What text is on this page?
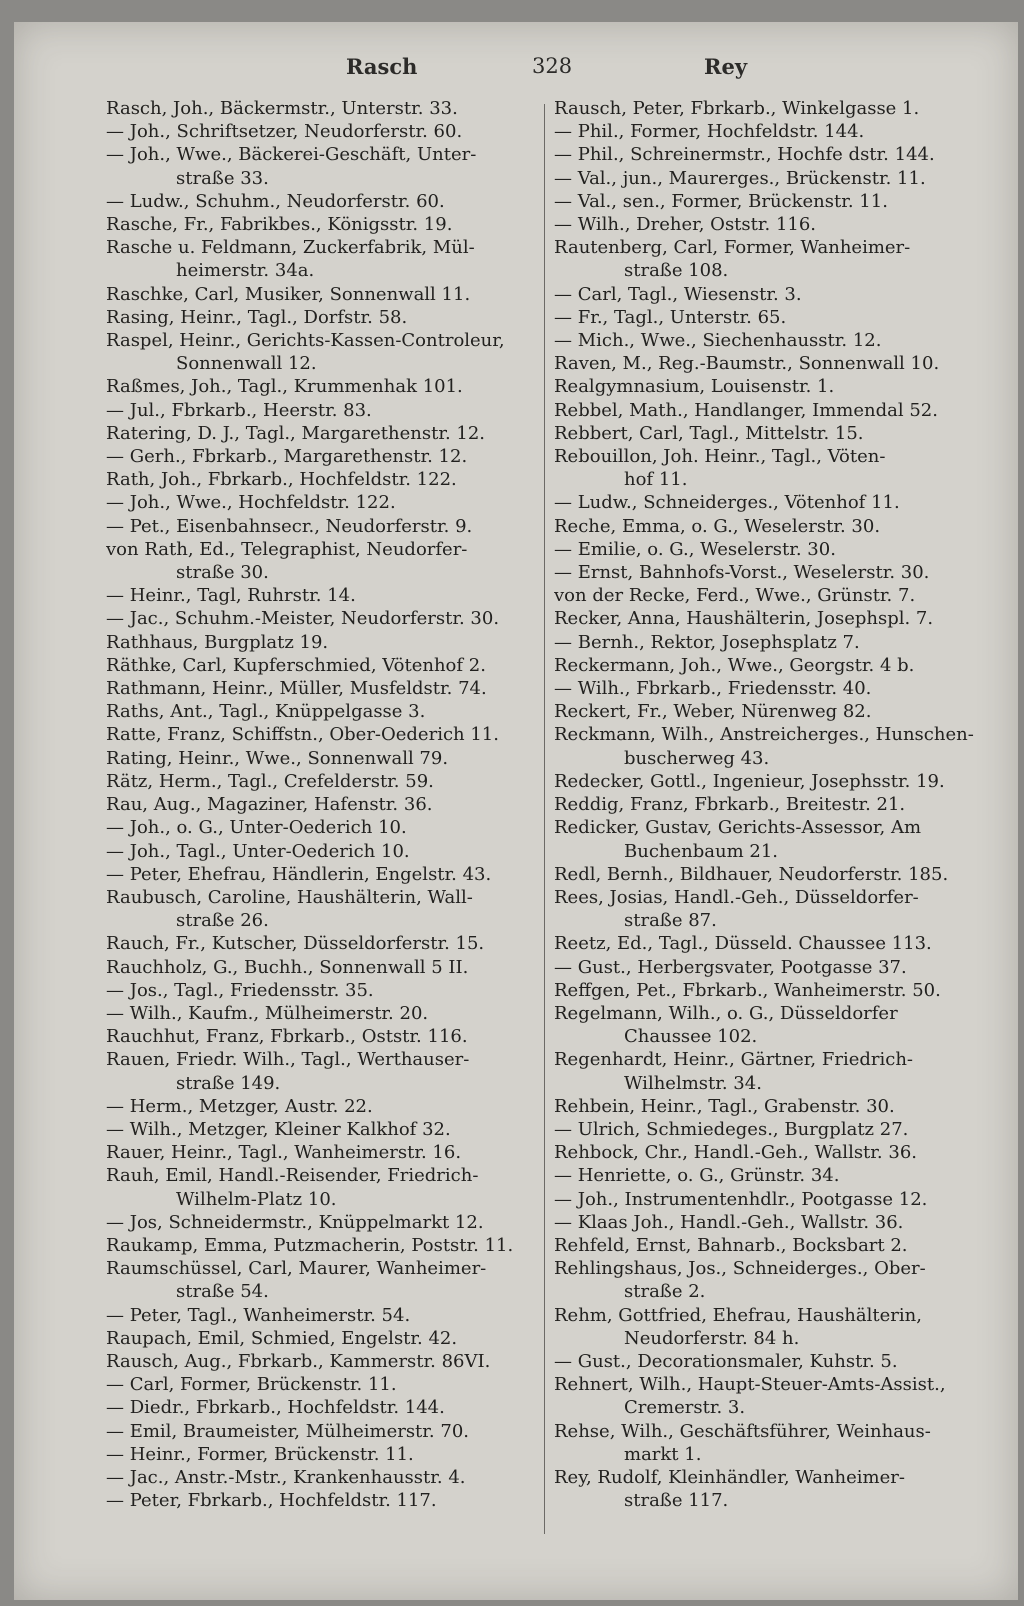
Rasch	328	Rey
Rasch, Joh., Bäckermstr., Unterstr. 33.
— Joh., Schriftsetzer, Neudorferstr. 60.
— Joh., Wwe., Bäckerei-Geschäft, Unter-
straße 33.
— Ludw., Schuhm., Neudorferstr. 60.
Rasche, Fr., Fabrikbes., Königsstr. 19.
Rasche u. Feldmann, Zuckerfabrik, Mül-
heimerstr. 34a.
Raschke, Carl, Musiker, Sonnenwall 11.
Rasing, Heinr., Tagl., Dorfstr. 58.
Raspel, Heinr., Gerichts-Kassen-Controleur,
Sonnenwall 12.
Raßmes, Joh., Tagl., Krummenhak 101.
— Jul., Fbrkarb., Heerstr. 83.
Ratering, D. J., Tagl., Margarethenstr. 12.
— Gerh., Fbrkarb., Margarethenstr. 12.
Rath, Joh., Fbrkarb., Hochfeldstr. 122.
— Joh., Wwe., Hochfeldstr. 122.
— Pet., Eisenbahnsecr., Neudorferstr. 9.
von Rath, Ed., Telegraphist, Neudorfer-
straße 30.
— Heinr., Tagl, Ruhrstr. 14.
— Jac., Schuhm.-Meister, Neudorferstr. 30.
Rathhaus, Burgplatz 19.
Räthke, Carl, Kupferschmied, Vötenhof 2.
Rathmann, Heinr., Müller, Musfeldstr. 74.
Raths, Ant., Tagl., Knüppelgasse 3.
Ratte, Franz, Schiffstn., Ober-Oederich 11.
Rating, Heinr., Wwe., Sonnenwall 79.
Rätz, Herm., Tagl., Crefelderstr. 59.
Rau, Aug., Magaziner, Hafenstr. 36.
— Joh., o. G., Unter-Oederich 10.
— Joh., Tagl., Unter-Oederich 10.
— Peter, Ehefrau, Händlerin, Engelstr. 43.
Raubusch, Caroline, Haushälterin, Wall-
straße 26.
Rauch, Fr., Kutscher, Düsseldorferstr. 15.
Rauchholz, G., Buchh., Sonnenwall 5 II.
— Jos., Tagl., Friedensstr. 35.
— Wilh., Kaufm., Mülheimerstr. 20.
Rauchhut, Franz, Fbrkarb., Oststr. 116.
Rauen, Friedr. Wilh., Tagl., Werthauser-
straße 149.
— Herm., Metzger, Austr. 22.
— Wilh., Metzger, Kleiner Kalkhof 32.
Rauer, Heinr., Tagl., Wanheimerstr. 16.
Rauh, Emil, Handl.-Reisender, Friedrich-
Wilhelm-Platz 10.
— Jos, Schneidermstr., Knüppelmarkt 12.
Raukamp, Emma, Putzmacherin, Poststr. 11.
Raumschüssel, Carl, Maurer, Wanheimer-
straße 54.
— Peter, Tagl., Wanheimerstr. 54.
Raupach, Emil, Schmied, Engelstr. 42.
Rausch, Aug., Fbrkarb., Kammerstr. 86VI.
— Carl, Former, Brückenstr. 11.
— Diedr., Fbrkarb., Hochfeldstr. 144.
— Emil, Braumeister, Mülheimerstr. 70.
— Heinr., Former, Brückenstr. 11.
— Jac., Anstr.-Mstr., Krankenhausstr. 4.
— Peter, Fbrkarb., Hochfeldstr. 117.
Rausch, Peter, Fbrkarb., Winkelgasse 1.
— Phil., Former, Hochfeldstr. 144.
— Phil., Schreinermstr., Hochfe dstr. 144.
— Val., jun., Maurerges., Brückenstr. 11.
— Val., sen., Former, Brückenstr. 11.
— Wilh., Dreher, Oststr. 116.
Rautenberg, Carl, Former, Wanheimer-
straße 108.
— Carl, Tagl., Wiesenstr. 3.
— Fr., Tagl., Unterstr. 65.
— Mich., Wwe., Siechenhausstr. 12.
Raven, M., Reg.-Baumstr., Sonnenwall 10.
Realgymnasium, Louisenstr. 1.
Rebbel, Math., Handlanger, Immendal 52.
Rebbert, Carl, Tagl., Mittelstr. 15.
Rebouillon, Joh. Heinr., Tagl., Vöten-
hof 11.
— Ludw., Schneiderges., Vötenhof 11.
Reche, Emma, o. G., Weselerstr. 30.
— Emilie, o. G., Weselerstr. 30.
— Ernst, Bahnhofs-Vorst., Weselerstr. 30.
von der Recke, Ferd., Wwe., Grünstr. 7.
Recker, Anna, Haushälterin, Josephspl. 7.
— Bernh., Rektor, Josephsplatz 7.
Reckermann, Joh., Wwe., Georgstr. 4 b.
— Wilh., Fbrkarb., Friedensstr. 40.
Reckert, Fr., Weber, Nürenweg 82.
Reckmann, Wilh., Anstreicherges., Hunschen-
buscherweg 43.
Redecker, Gottl., Ingenieur, Josephsstr. 19.
Reddig, Franz, Fbrkarb., Breitestr. 21.
Redicker, Gustav, Gerichts-Assessor, Am
Buchenbaum 21.
Redl, Bernh., Bildhauer, Neudorferstr. 185.
Rees, Josias, Handl.-Geh., Düsseldorfer-
straße 87.
Reetz, Ed., Tagl., Düsseld. Chaussee 113.
— Gust., Herbergsvater, Pootgasse 37.
Reffgen, Pet., Fbrkarb., Wanheimerstr. 50.
Regelmann, Wilh., o. G., Düsseldorfer
Chaussee 102.
Regenhardt, Heinr., Gärtner, Friedrich-
Wilhelmstr. 34.
Rehbein, Heinr., Tagl., Grabenstr. 30.
— Ulrich, Schmiedeges., Burgplatz 27.
Rehbock, Chr., Handl.-Geh., Wallstr. 36.
— Henriette, o. G., Grünstr. 34.
— Joh., Instrumentenhdlr., Pootgasse 12.
— Klaas Joh., Handl.-Geh., Wallstr. 36.
Rehfeld, Ernst, Bahnarb., Bocksbart 2.
Rehlingshaus, Jos., Schneiderges., Ober-
straße 2.
Rehm, Gottfried, Ehefrau, Haushälterin,
Neudorferstr. 84 h.
— Gust., Decorationsmaler, Kuhstr. 5.
Rehnert, Wilh., Haupt-Steuer-Amts-Assist.,
Cremerstr. 3.
Rehse, Wilh., Geschäftsführer, Weinhaus-
markt 1.
Rey, Rudolf, Kleinhändler, Wanheimer-
straße 117.
